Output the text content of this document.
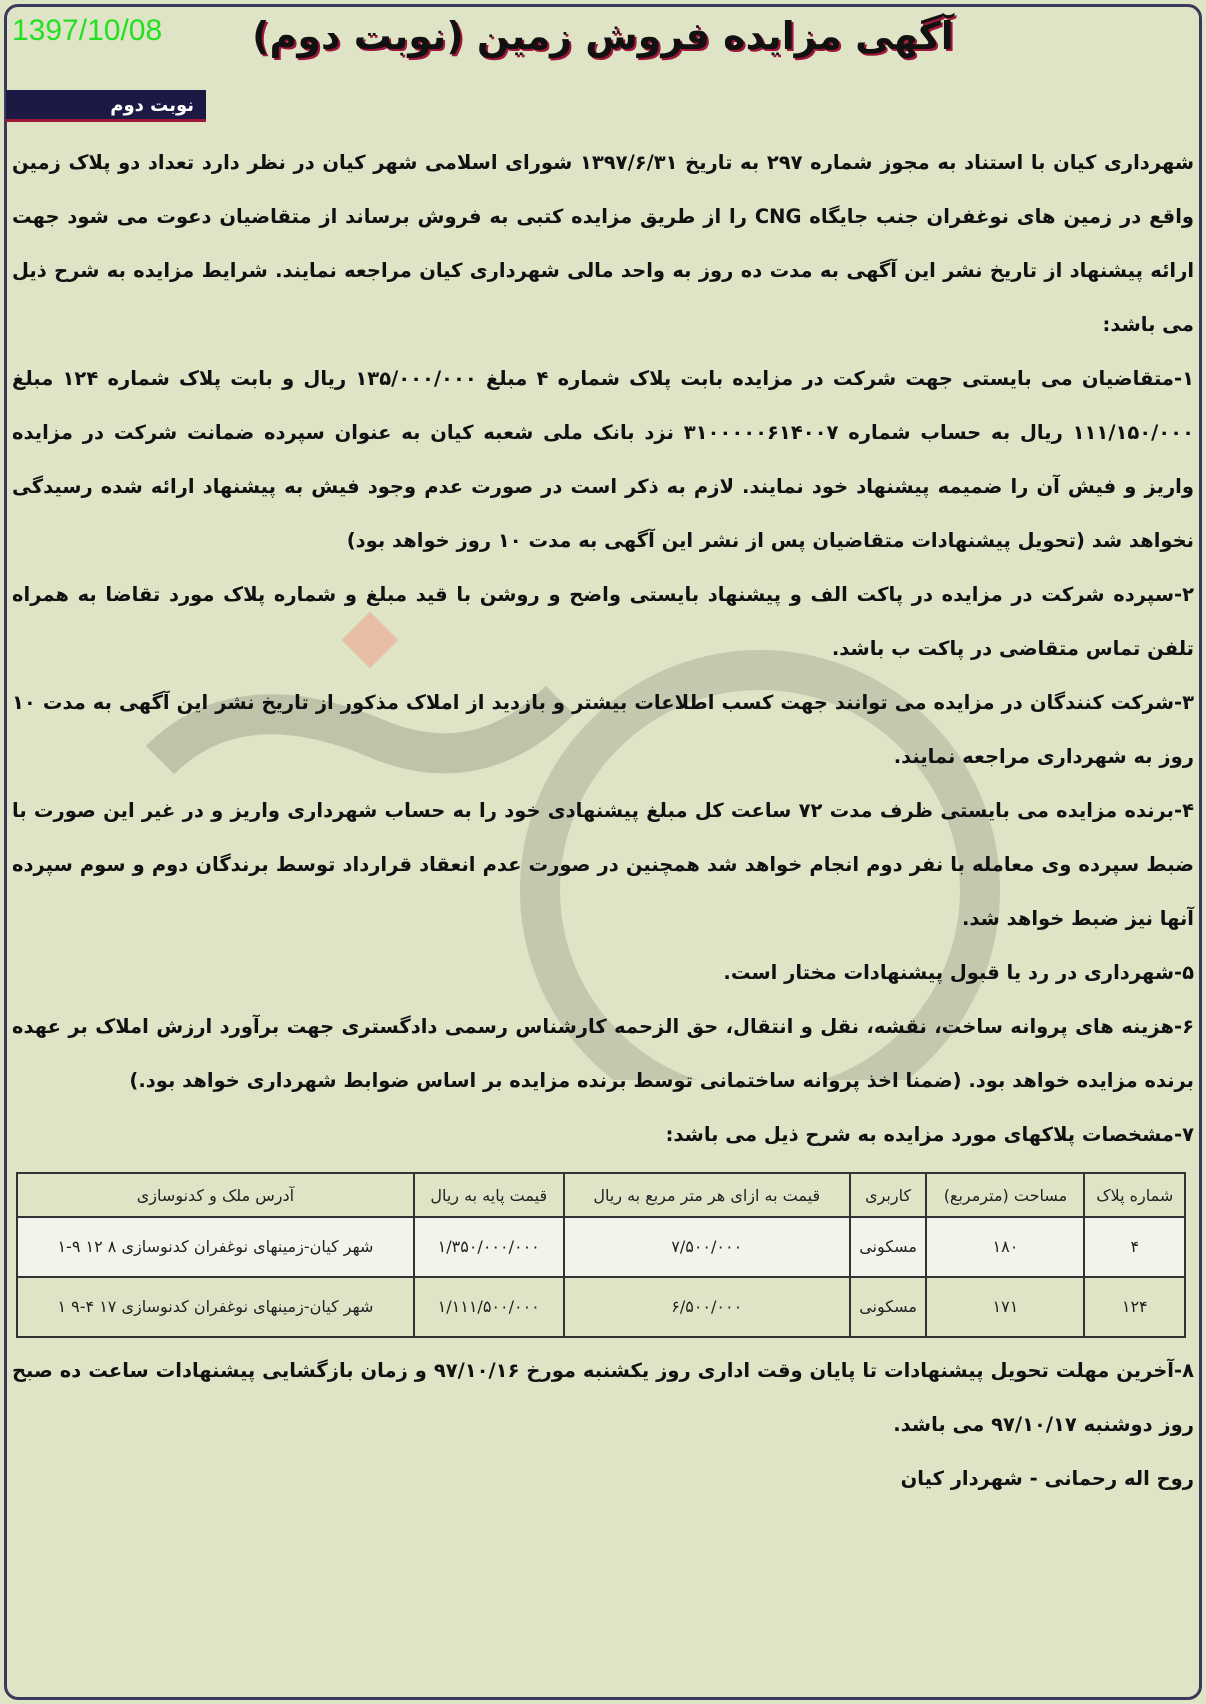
1397/10/08	آگهی مزایده فروش زمین (نوبت دوم)
نوبت دوم

شهرداری کیان با استناد به مجوز شماره ۲۹۷ به تاریخ ۱۳۹۷/۶/۳۱ شورای اسلامی شهر کیان در نظر دارد تعداد دو پلاک زمین واقع در زمین های نوغفران جنب جایگاه CNG را از طریق مزایده کتبی به فروش برساند از متقاضیان دعوت می شود جهت ارائه پیشنهاد از تاریخ نشر این آگهی به مدت ده روز به واحد مالی شهرداری کیان مراجعه نمایند. شرایط مزایده به شرح ذیل می باشد:

۱-متقاضیان می بایستی جهت شرکت در مزایده بابت پلاک شماره ۴ مبلغ ۱۳۵/۰۰۰/۰۰۰ ریال و بابت پلاک شماره ۱۲۴ مبلغ ۱۱۱/۱۵۰/۰۰۰ ریال به حساب شماره ۳۱۰۰۰۰۰۶۱۴۰۰۷ نزد بانک ملی شعبه کیان به عنوان سپرده ضمانت شرکت در مزایده واریز و فیش آن را ضمیمه پیشنهاد خود نمایند. لازم به ذکر است در صورت عدم وجود فیش به پیشنهاد ارائه شده رسیدگی نخواهد شد (تحویل پیشنهادات متقاضیان پس از نشر این آگهی به مدت ۱۰ روز خواهد بود)

۲-سپرده شرکت در مزایده در پاکت الف و پیشنهاد بایستی واضح و روشن با قید مبلغ و شماره پلاک مورد تقاضا به همراه تلفن تماس متقاضی در پاکت ب باشد.

۳-شرکت کنندگان در مزایده می توانند جهت کسب اطلاعات بیشتر و بازدید از املاک مذکور از تاریخ نشر این آگهی به مدت ۱۰ روز به شهرداری مراجعه نمایند.

۴-برنده مزایده می بایستی ظرف مدت ۷۲ ساعت کل مبلغ پیشنهادی خود را به حساب شهرداری واریز و در غیر این صورت با ضبط سپرده وی معامله با نفر دوم انجام خواهد شد همچنین در صورت عدم انعقاد قرارداد توسط برندگان دوم و سوم سپرده آنها نیز ضبط خواهد شد.

۵-شهرداری در رد یا قبول پیشنهادات مختار است.

۶-هزینه های پروانه ساخت، نقشه، نقل و انتقال، حق الزحمه کارشناس رسمی دادگستری جهت برآورد ارزش املاک بر عهده برنده مزایده خواهد بود. (ضمنا اخذ پروانه ساختمانی توسط برنده مزایده بر اساس ضوابط شهرداری خواهد بود.)

۷-مشخصات پلاکهای مورد مزایده به شرح ذیل می باشد:

شماره پلاک	مساحت (مترمربع)	کاربری	قیمت به ازای هر متر مربع به ریال	قیمت پایه به ریال	آدرس ملک و کدنوسازی
۴	۱۸۰	مسکونی	۷/۵۰۰/۰۰۰	۱/۳۵۰/۰۰۰/۰۰۰	شهر کیان-زمینهای نوغفران کدنوسازی ۸ ۱۲ ۹-۱
۱۲۴	۱۷۱	مسکونی	۶/۵۰۰/۰۰۰	۱/۱۱۱/۵۰۰/۰۰۰	شهر کیان-زمینهای نوغفران کدنوسازی ۱۷ ۴-۹ ۱

۸-آخرین مهلت تحویل پیشنهادات تا پایان وقت اداری روز یکشنبه مورخ ۹۷/۱۰/۱۶ و زمان بازگشایی پیشنهادات ساعت ده صبح روز دوشنبه ۹۷/۱۰/۱۷ می باشد.

روح اله رحمانی - شهردار کیان
